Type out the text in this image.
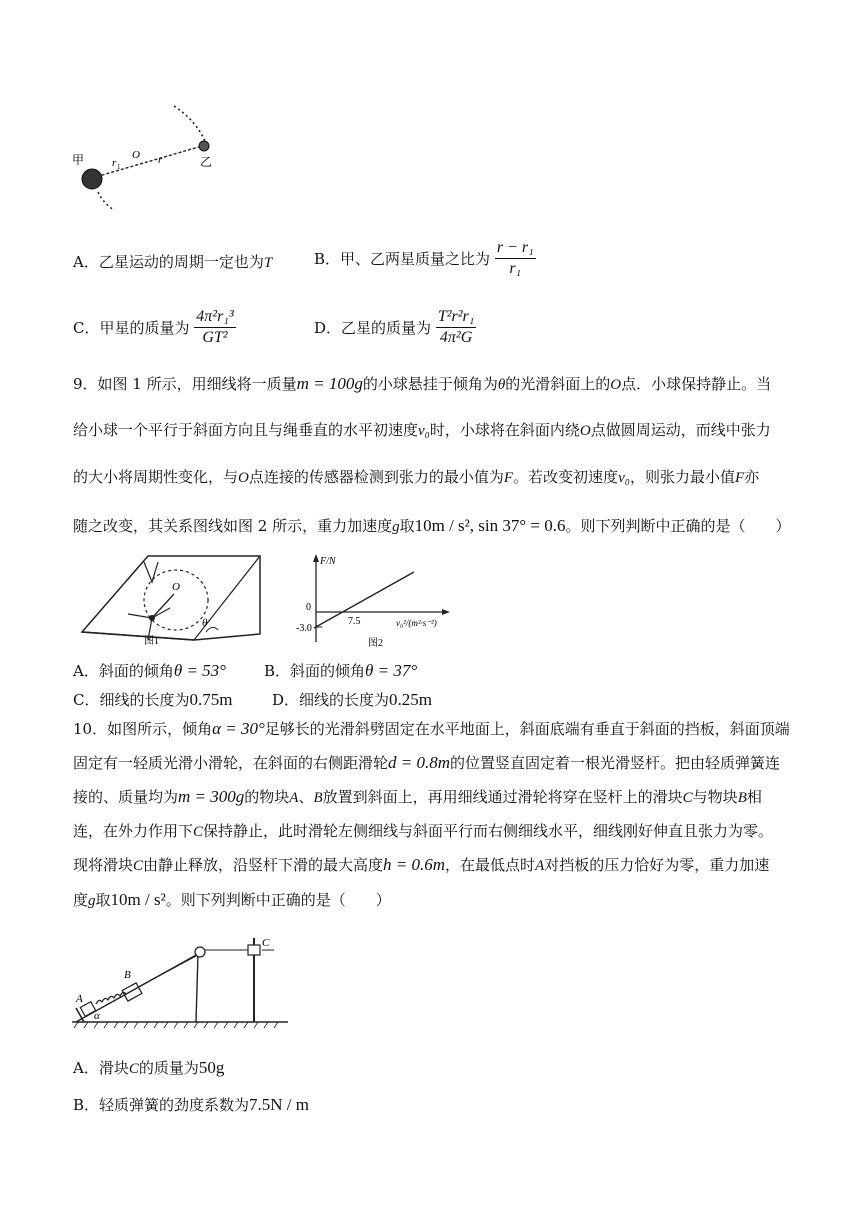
甲	乙
r 1
O r
A．乙星运动的周期一定也为T	B．甲、乙两星质量之比为 $\frac{\text{r − r₁}}{\text{r₁}}$
C．甲星的质量为 $\frac{\text{4π²r₁³}}{\text{GT²}}$	D．乙星的质量为 $\frac{\text{T²r²r₁}}{\text{4π²G}}$
9．如图 1 所示，用细线将一质量m = 100g的小球悬挂于倾角为θ的光滑斜面上的O点．小球保持静止。当
给小球一个平行于斜面方向且与绳垂直的水平初速度v₀时，小球将在斜面内绕O点做圆周运动，而线中张力
的大小将周期性变化，与O点连接的传感器检测到张力的最小值为F。若改变初速度v₀，则张力最小值F亦
随之改变，其关系图线如图 2 所示，重力加速度g取10m / s², sin 37° = 0.6。则下列判断中正确的是（　　）
O
θ
图1
F/N
0
-3.0
7.5	v₀²/(m²·s⁻²)
图2
A．斜面的倾角θ = 53°	B．斜面的倾角θ = 37°
C．细线的长度为0.75m	D．细线的长度为0.25m
10．如图所示，倾角α = 30°足够长的光滑斜劈固定在水平地面上，斜面底端有垂直于斜面的挡板，斜面顶端
固定有一轻质光滑小滑轮，在斜面的右侧距滑轮d = 0.8m的位置竖直固定着一根光滑竖杆。把由轻质弹簧连
接的、质量均为m = 300g的物块A、B放置到斜面上，再用细线通过滑轮将穿在竖杆上的滑块C与物块B相
连，在外力作用下C保持静止，此时滑轮左侧细线与斜面平行而右侧细线水平，细线刚好伸直且张力为零。
现将滑块C由静止释放，沿竖杆下滑的最大高度h = 0.6m，在最低点时A对挡板的压力恰好为零，重力加速
度g取10m / s²。则下列判断中正确的是（　　）
A
B
C
α
A．滑块C的质量为50g
B．轻质弹簧的劲度系数为7.5N / m
